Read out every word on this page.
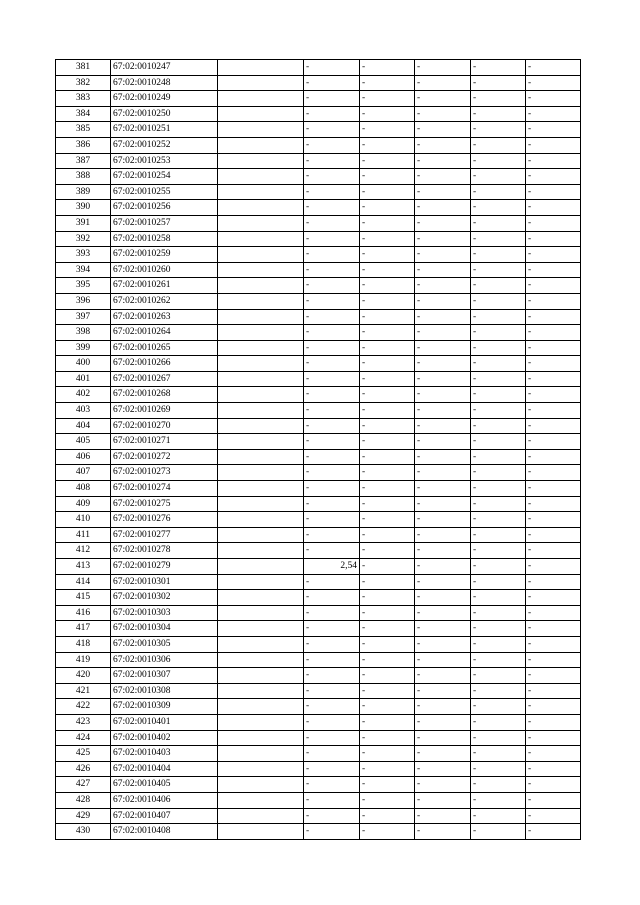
381	67:02:0010247		-	-	-	-	-
382	67:02:0010248		-	-	-	-	-
383	67:02:0010249		-	-	-	-	-
384	67:02:0010250		-	-	-	-	-
385	67:02:0010251		-	-	-	-	-
386	67:02:0010252		-	-	-	-	-
387	67:02:0010253		-	-	-	-	-
388	67:02:0010254		-	-	-	-	-
389	67:02:0010255		-	-	-	-	-
390	67:02:0010256		-	-	-	-	-
391	67:02:0010257		-	-	-	-	-
392	67:02:0010258		-	-	-	-	-
393	67:02:0010259		-	-	-	-	-
394	67:02:0010260		-	-	-	-	-
395	67:02:0010261		-	-	-	-	-
396	67:02:0010262		-	-	-	-	-
397	67:02:0010263		-	-	-	-	-
398	67:02:0010264		-	-	-	-	-
399	67:02:0010265		-	-	-	-	-
400	67:02:0010266		-	-	-	-	-
401	67:02:0010267		-	-	-	-	-
402	67:02:0010268		-	-	-	-	-
403	67:02:0010269		-	-	-	-	-
404	67:02:0010270		-	-	-	-	-
405	67:02:0010271		-	-	-	-	-
406	67:02:0010272		-	-	-	-	-
407	67:02:0010273		-	-	-	-	-
408	67:02:0010274		-	-	-	-	-
409	67:02:0010275		-	-	-	-	-
410	67:02:0010276		-	-	-	-	-
411	67:02:0010277		-	-	-	-	-
412	67:02:0010278		-	-	-	-	-
413	67:02:0010279		2,54	-	-	-	-
414	67:02:0010301		-	-	-	-	-
415	67:02:0010302		-	-	-	-	-
416	67:02:0010303		-	-	-	-	-
417	67:02:0010304		-	-	-	-	-
418	67:02:0010305		-	-	-	-	-
419	67:02:0010306		-	-	-	-	-
420	67:02:0010307		-	-	-	-	-
421	67:02:0010308		-	-	-	-	-
422	67:02:0010309		-	-	-	-	-
423	67:02:0010401		-	-	-	-	-
424	67:02:0010402		-	-	-	-	-
425	67:02:0010403		-	-	-	-	-
426	67:02:0010404		-	-	-	-	-
427	67:02:0010405		-	-	-	-	-
428	67:02:0010406		-	-	-	-	-
429	67:02:0010407		-	-	-	-	-
430	67:02:0010408		-	-	-	-	-
